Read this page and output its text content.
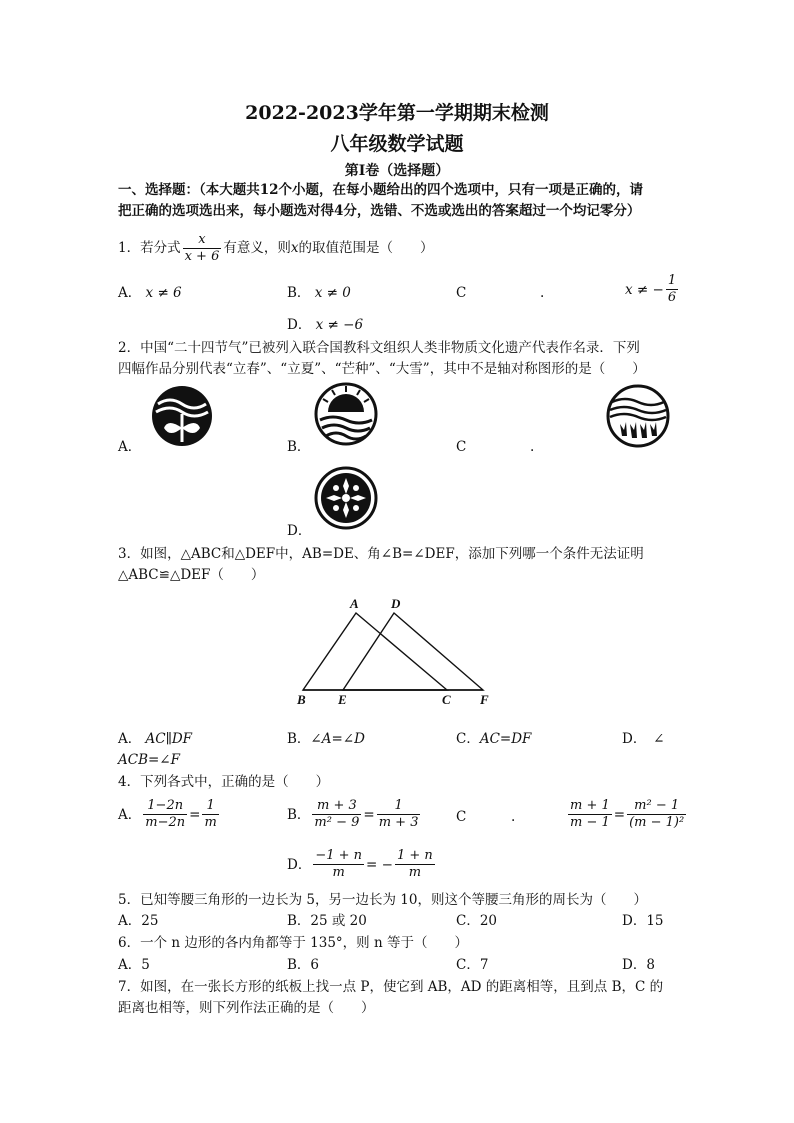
2022-2023学年第一学期期末检测
八年级数学试题
第Ⅰ卷（选择题）
一、选择题：（本大题共12个小题，在每小题给出的四个选项中，只有一项是正确的，请
把正确的选项选出来，每小题选对得4分，选错、不选或选出的答案超过一个均记零分）
1．若分式 $\frac{x}{x + 6}$ 有意义，则x的取值范围是（　　）
A． x ≠ 6	B． x ≠ 0	C	.	x ≠ − $\frac{1}{6}$
D． x ≠ −6
2．中国“二十四节气”已被列入联合国教科文组织人类非物质文化遗产代表作名录．下列
四幅作品分别代表“立春”、“立夏”、“芒种”、“大雪”，其中不是轴对称图形的是（　　）
A．	B．	C	.
D．
3．如图，△ABC和△DEF中，AB=DE、角∠B=∠DEF，添加下列哪一个条件无法证明
△ABC≌△DEF（　　）
A D
B E	C F
A． AC∥DF	B．∠A=∠D	C．AC=DF	D．　∠
ACB=∠F
4．下列各式中，正确的是（　　）
A． $\frac{1-2n}{m-2n} = \frac{1}{m}$	B． $\frac{m + 3}{\text{m² − 9}} = \frac{1}{m + 3}$	C	.	$\frac{m + 1}{m - 1} = \frac{\text{m² − 1}}{\text{(m − 1)²}}$
D． $\frac{-1 + n}{m}$ = − $\frac{1 + n}{m}$
5．已知等腰三角形的一边长为 5，另一边长为 10，则这个等腰三角形的周长为（　　）
A．25	B．25 或 20	C．20	D．15
6．一个 n 边形的各内角都等于 135°，则 n 等于（　　）
A．5	B．6	C．7	D．8
7．如图，在一张长方形的纸板上找一点 P，使它到 AB，AD 的距离相等，且到点 B，C 的
距离也相等，则下列作法正确的是（　　）
